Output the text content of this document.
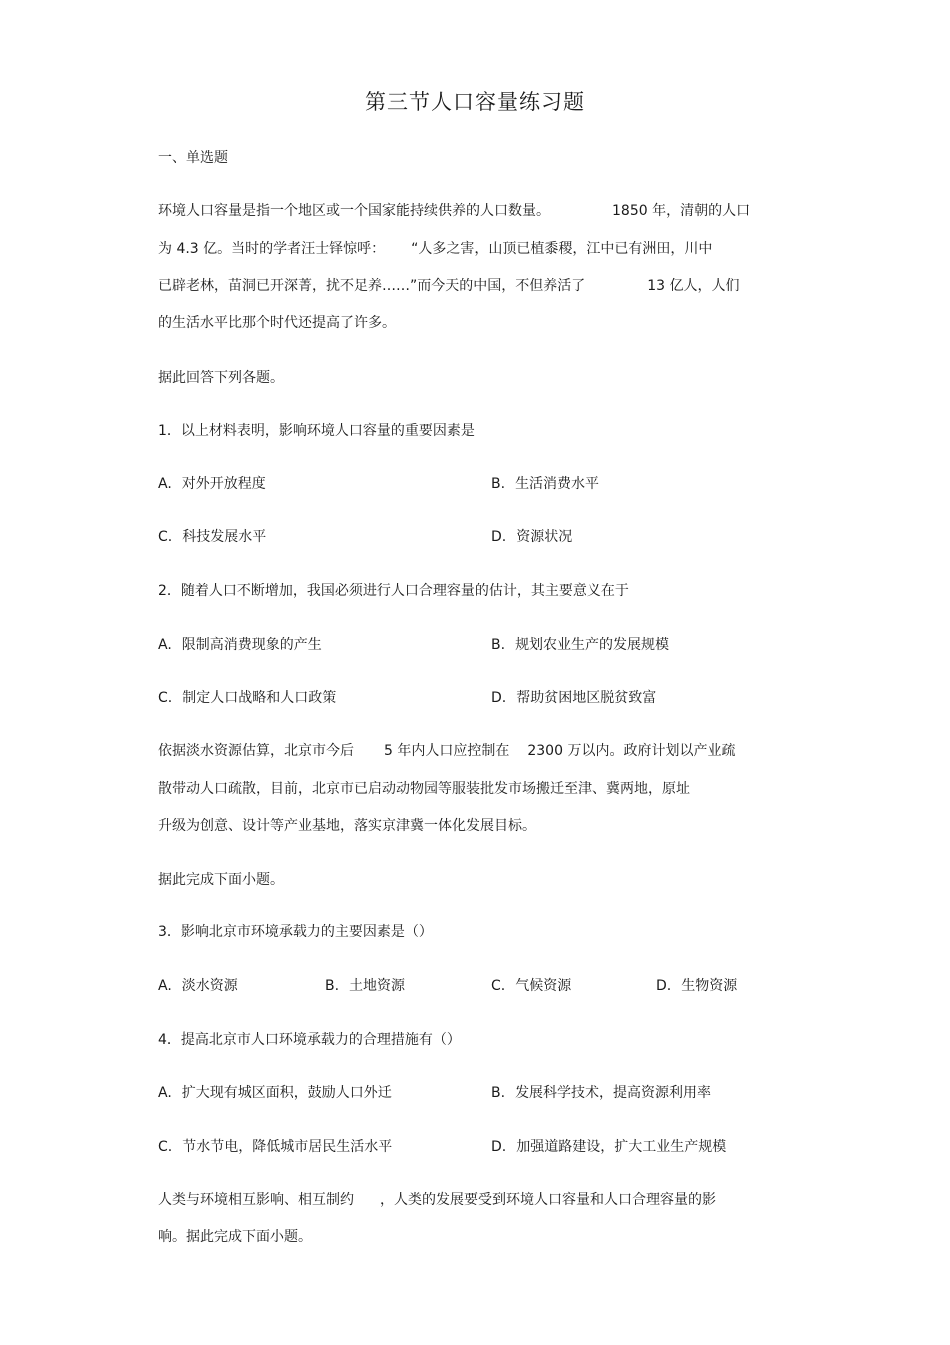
第三节人口容量练习题
一、单选题
环境人口容量是指一个地区或一个国家能持续供养的人口数量。	1850 年，清朝的人口
为 4.3 亿。当时的学者汪士铎惊呼： “人多之害，山顶已植黍稷，江中已有洲田，川中
已辟老林，苗洞已开深菁，扰不足养……”而今天的中国，不但养活了	13 亿人，人们
的生活水平比那个时代还提高了许多。
据此回答下列各题。
1．以上材料表明，影响环境人口容量的重要因素是
A. 对外开放程度	B. 生活消费水平
C. 科技发展水平	D. 资源状况
2．随着人口不断增加，我国必须进行人口合理容量的估计，其主要意义在于
A. 限制高消费现象的产生	B. 规划农业生产的发展规模
C. 制定人口战略和人口政策	D. 帮助贫困地区脱贫致富
依据淡水资源估算，北京市今后 5 年内人口应控制在 2300 万以内。政府计划以产业疏
散带动人口疏散，目前，北京市已启动动物园等服装批发市场搬迁至津、冀两地，原址
升级为创意、设计等产业基地，落实京津冀一体化发展目标。
据此完成下面小题。
3．影响北京市环境承载力的主要因素是（）
A. 淡水资源	B. 土地资源	C. 气候资源	D. 生物资源
4．提高北京市人口环境承载力的合理措施有（）
A. 扩大现有城区面积，鼓励人口外迁	B. 发展科学技术，提高资源利用率
C. 节水节电，降低城市居民生活水平	D. 加强道路建设，扩大工业生产规模
人类与环境相互影响、相互制约 ，人类的发展要受到环境人口容量和人口合理容量的影
响。据此完成下面小题。
